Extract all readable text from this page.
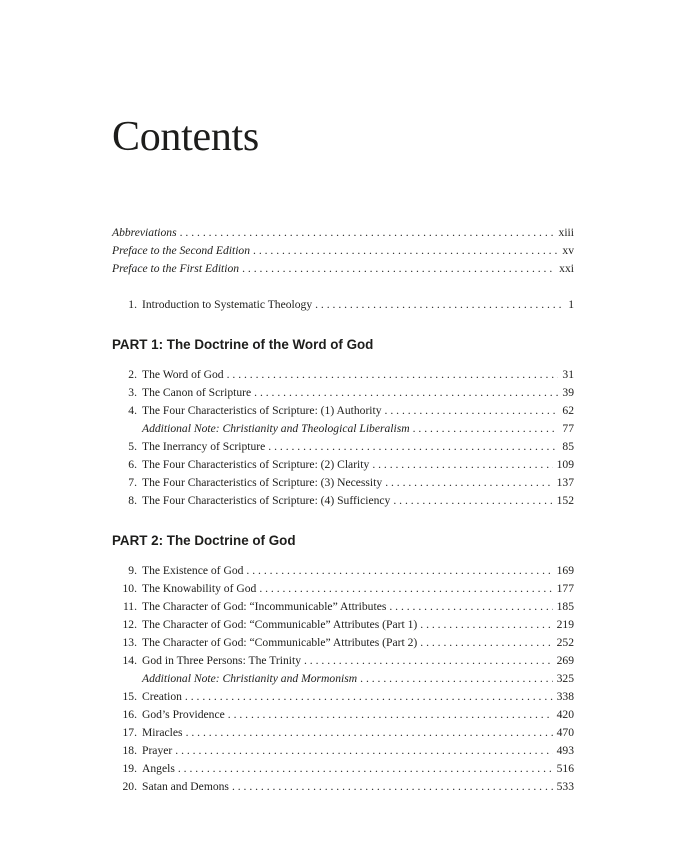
Contents
Abbreviations . . .	xiii
Preface to the Second Edition . . .	xv
Preface to the First Edition . . .	xxi
1. Introduction to Systematic Theology . . .	1
PART 1: The Doctrine of the Word of God
2. The Word of God . . .	31
3. The Canon of Scripture . . .	39
4. The Four Characteristics of Scripture: (1) Authority . . .	62
Additional Note: Christianity and Theological Liberalism . . .	77
5. The Inerrancy of Scripture . . .	85
6. The Four Characteristics of Scripture: (2) Clarity . . .	109
7. The Four Characteristics of Scripture: (3) Necessity . . .	137
8. The Four Characteristics of Scripture: (4) Sufficiency . . .	152
PART 2: The Doctrine of God
9. The Existence of God . . .	169
10. The Knowability of God . . .	177
11. The Character of God: “Incommunicable” Attributes . . .	185
12. The Character of God: “Communicable” Attributes (Part 1) . . .	219
13. The Character of God: “Communicable” Attributes (Part 2) . . .	252
14. God in Three Persons: The Trinity . . .	269
Additional Note: Christianity and Mormonism . . .	325
15. Creation . . .	338
16. God’s Providence . . .	420
17. Miracles . . .	470
18. Prayer . . .	493
19. Angels . . .	516
20. Satan and Demons . . .	533
